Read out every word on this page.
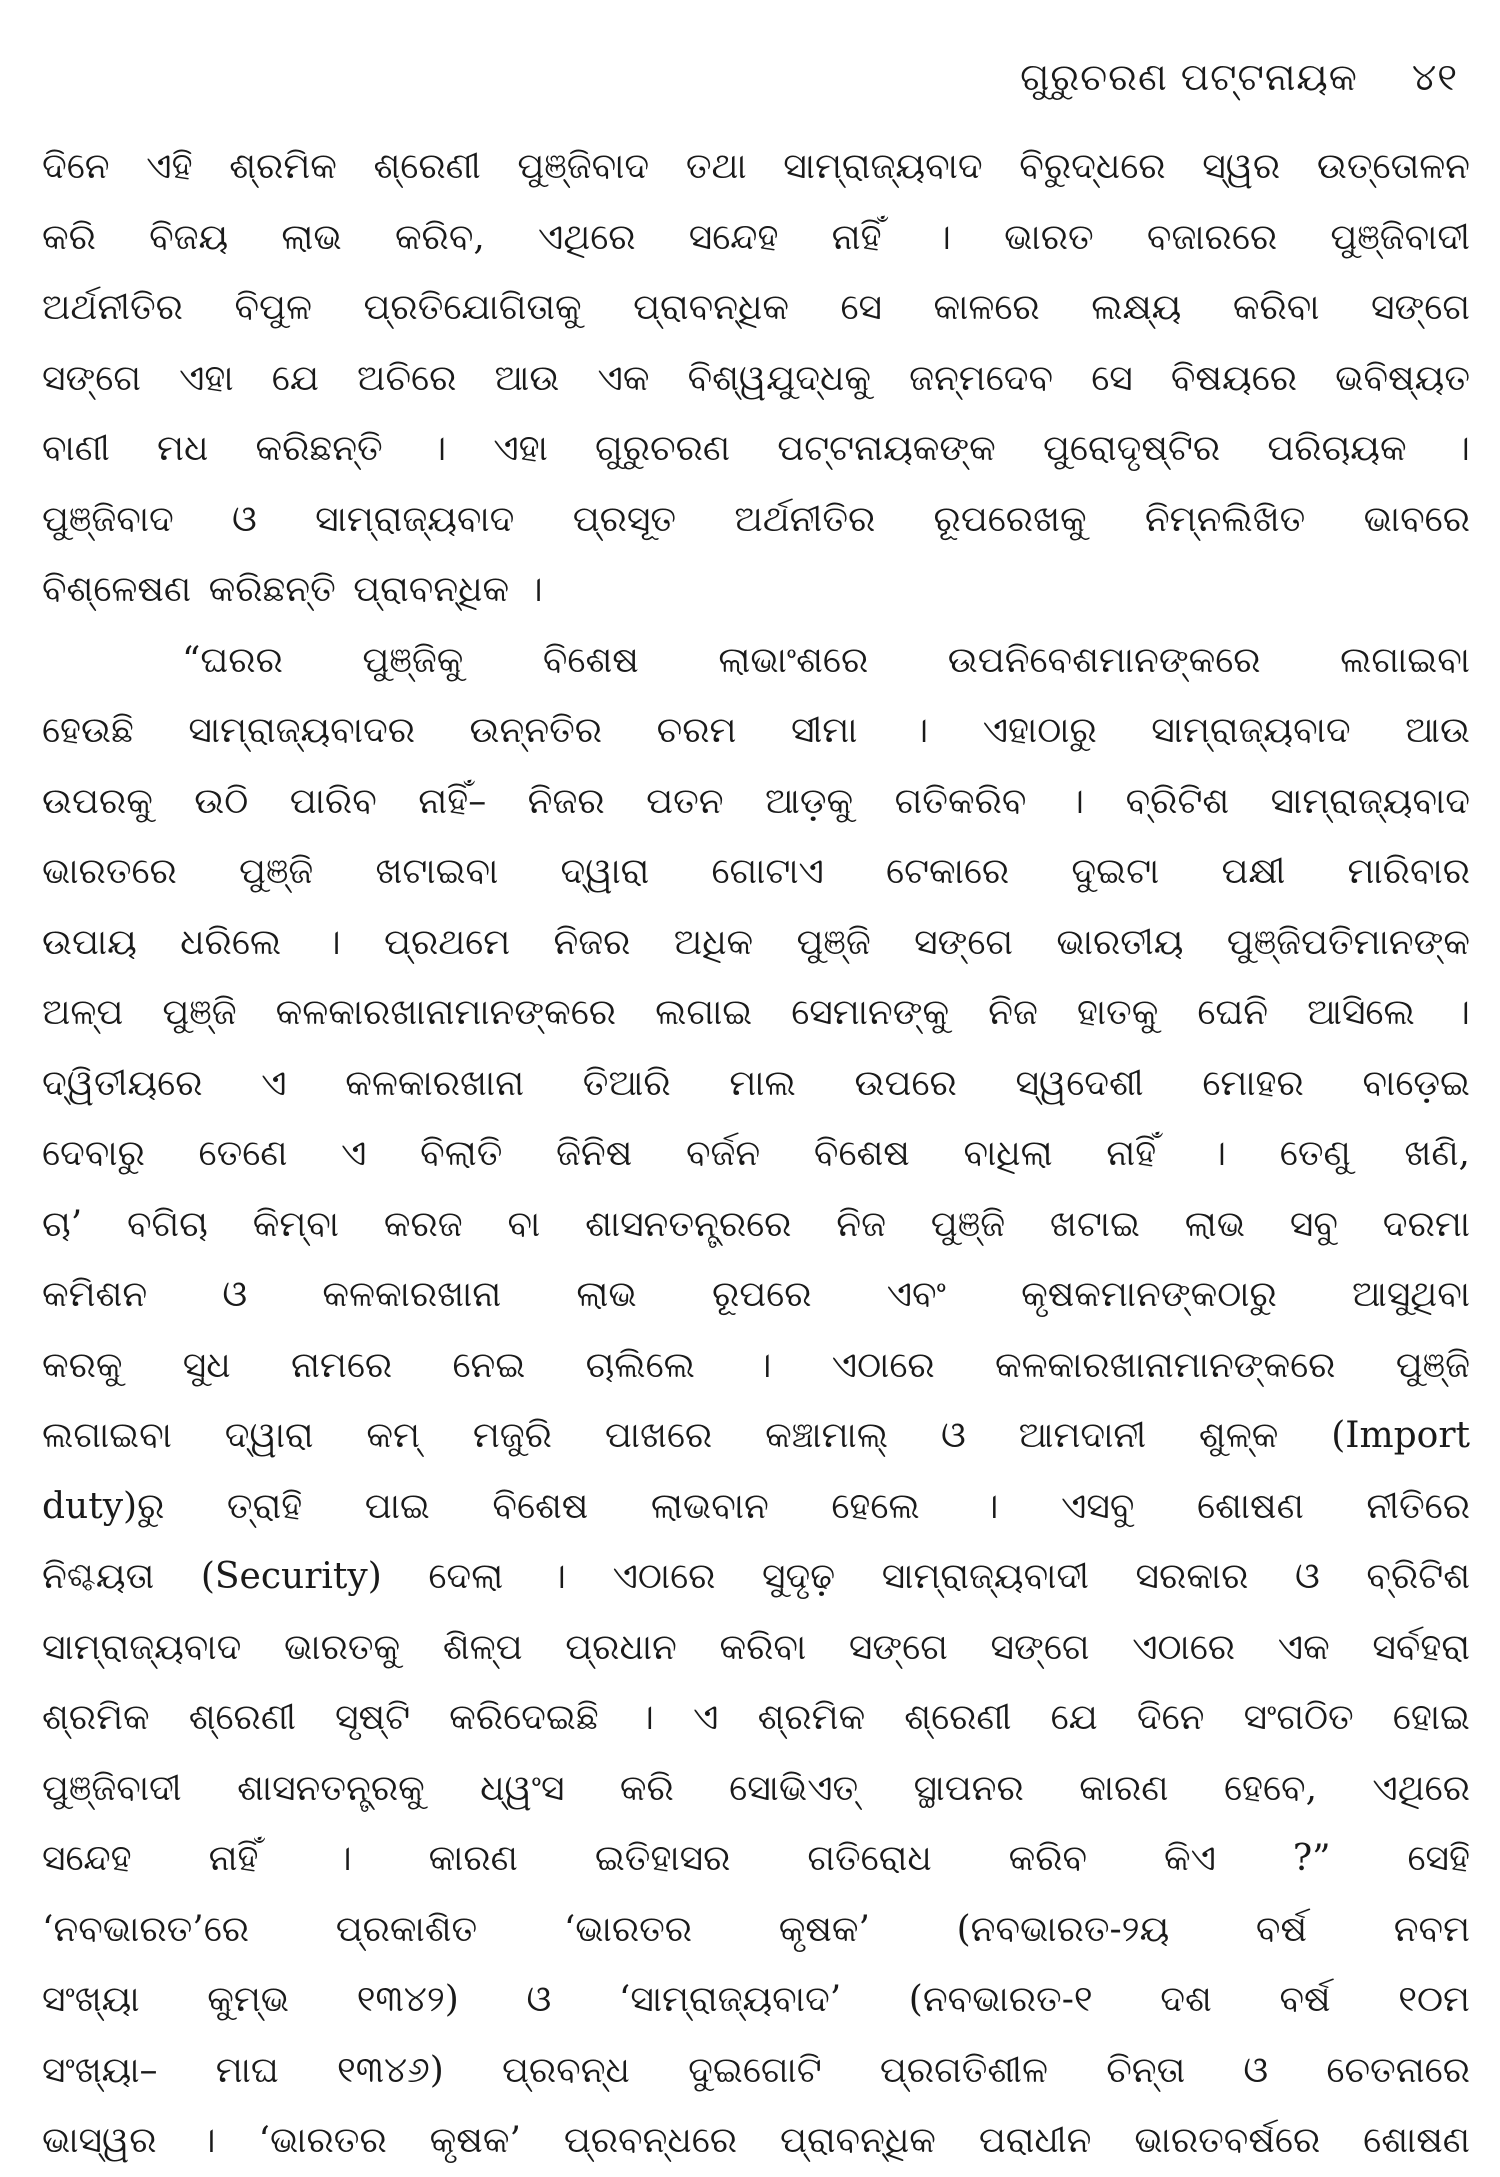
ଗୁରୁଚରଣ ପଟ୍ଟନାୟକ ୪୧

ଦିନେ ଏହି ଶ୍ରମିକ ଶ୍ରେଣୀ ପୁଞ୍ଜିବାଦ ତଥା ସାମ୍ରାଜ୍ୟବାଦ ବିରୁଦ୍ଧରେ ସ୍ୱର ଉତ୍ତୋଳନ

କରି ବିଜୟ ଲାଭ କରିବ, ଏଥିରେ ସନ୍ଦେହ ନାହିଁ । ଭାରତ ବଜାରରେ ପୁଞ୍ଜିବାଦୀ

ଅର୍ଥନୀତିର ବିପୁଳ ପ୍ରତିଯୋଗିତାକୁ ପ୍ରାବନ୍ଧିକ ସେ କାଳରେ ଲକ୍ଷ୍ୟ କରିବା ସଙ୍ଗେ

ସଙ୍ଗେ ଏହା ଯେ ଅଚିରେ ଆଉ ଏକ ବିଶ୍ୱଯୁଦ୍ଧକୁ ଜନ୍ମଦେବ ସେ ବିଷୟରେ ଭବିଷ୍ୟତ

ବାଣୀ ମଧ କରିଛନ୍ତି । ଏହା ଗୁରୁଚରଣ ପଟ୍ଟନାୟକଙ୍କ ପୁରୋଦୃଷ୍ଟିର ପରିଚାୟକ ।

ପୁଞ୍ଜିବାଦ ଓ ସାମ୍ରାଜ୍ୟବାଦ ପ୍ରସୂତ ଅର୍ଥନୀତିର ରୂପରେଖକୁ ନିମ୍ନଲିଖିତ ଭାବରେ

ବିଶ୍ଳେଷଣ କରିଛନ୍ତି ପ୍ରାବନ୍ଧିକ ।

“ଘରର ପୁଞ୍ଜିକୁ ବିଶେଷ ଲାଭାଂଶରେ ଉପନିବେଶମାନଙ୍କରେ ଲଗାଇବା

ହେଉଛି ସାମ୍ରାଜ୍ୟବାଦର ଉନ୍ନତିର ଚରମ ସୀମା । ଏହାଠାରୁ ସାମ୍ରାଜ୍ୟବାଦ ଆଉ

ଉପରକୁ ଉଠି ପାରିବ ନାହିଁ– ନିଜର ପତନ ଆଡ଼କୁ ଗତିକରିବ । ବ୍ରିଟିଶ ସାମ୍ରାଜ୍ୟବାଦ

ଭାରତରେ ପୁଞ୍ଜି ଖଟାଇବା ଦ୍ୱାରା ଗୋଟାଏ ଟେକାରେ ଦୁଇଟା ପକ୍ଷୀ ମାରିବାର

ଉପାୟ ଧରିଲେ । ପ୍ରଥମେ ନିଜର ଅଧିକ ପୁଞ୍ଜି ସଙ୍ଗେ ଭାରତୀୟ ପୁଞ୍ଜିପତିମାନଙ୍କ

ଅଳ୍ପ ପୁଞ୍ଜି କଳକାରଖାନାମାନଙ୍କରେ ଲଗାଇ ସେମାନଙ୍କୁ ନିଜ ହାତକୁ ଘେନି ଆସିଲେ ।

ଦ୍ୱିତୀୟରେ ଏ କଳକାରଖାନା ତିଆରି ମାଲ ଉପରେ ସ୍ୱଦେଶୀ ମୋହର ବାଡ଼େଇ

ଦେବାରୁ ତେଣେ ଏ ବିଲାତି ଜିନିଷ ବର୍ଜନ ବିଶେଷ ବାଧିଲା ନାହିଁ । ତେଣୁ ଖଣି,

ଚା’ ବଗିଚା କିମ୍ବା କରଜ ବା ଶାସନତନ୍ତ୍ରରେ ନିଜ ପୁଞ୍ଜି ଖଟାଇ ଲାଭ ସବୁ ଦରମା

କମିଶନ ଓ କଳକାରଖାନା ଲାଭ ରୂପରେ ଏବଂ କୃଷକମାନଙ୍କଠାରୁ ଆସୁଥିବା

କରକୁ ସୁଧ ନାମରେ ନେଇ ଚାଲିଲେ । ଏଠାରେ କଳକାରଖାନାମାନଙ୍କରେ ପୁଞ୍ଜି

ଲଗାଇବା ଦ୍ୱାରା କମ୍ ମଜୁରି ପାଖରେ କଞ୍ଚାମାଲ୍ ଓ ଆମଦାନୀ ଶୁଳ୍କ (Import

duty)ରୁ ତ୍ରାହି ପାଇ ବିଶେଷ ଲାଭବାନ ହେଲେ । ଏସବୁ ଶୋଷଣ ନୀତିରେ

ନିଶ୍ଚୟତା (Security) ଦେଲା । ଏଠାରେ ସୁଦୃଢ଼ ସାମ୍ରାଜ୍ୟବାଦୀ ସରକାର ଓ ବ୍ରିଟିଶ

ସାମ୍ରାଜ୍ୟବାଦ ଭାରତକୁ ଶିଳ୍ପ ପ୍ରଧାନ କରିବା ସଙ୍ଗେ ସଙ୍ଗେ ଏଠାରେ ଏକ ସର୍ବହରା

ଶ୍ରମିକ ଶ୍ରେଣୀ ସୃଷ୍ଟି କରିଦେଇଛି । ଏ ଶ୍ରମିକ ଶ୍ରେଣୀ ଯେ ଦିନେ ସଂଗଠିତ ହୋଇ

ପୁଞ୍ଜିବାଦୀ ଶାସନତନ୍ତ୍ରକୁ ଧ୍ୱଂସ କରି ସୋଭିଏତ୍ ସ୍ଥାପନର କାରଣ ହେବେ, ଏଥିରେ

ସନ୍ଦେହ ନାହିଁ । କାରଣ ଇତିହାସର ଗତିରୋଧ କରିବ କିଏ ?” ସେହି

‘ନବଭାରତ’ରେ ପ୍ରକାଶିତ ‘ଭାରତର କୃଷକ’ (ନବଭାରତ-୨ୟ ବର୍ଷ ନବମ

ସଂଖ୍ୟା କୁମ୍ଭ ୧୩୪୨) ଓ ‘ସାମ୍ରାଜ୍ୟବାଦ’ (ନବଭାରତ-୧ ଦଶ ବର୍ଷ ୧୦ମ

ସଂଖ୍ୟା– ମାଘ ୧୩୪୬) ପ୍ରବନ୍ଧ ଦୁଇଗୋଟି ପ୍ରଗତିଶୀଳ ଚିନ୍ତା ଓ ଚେତନାରେ

ଭାସ୍ୱର । ‘ଭାରତର କୃଷକ’ ପ୍ରବନ୍ଧରେ ପ୍ରାବନ୍ଧିକ ପରାଧୀନ ଭାରତବର୍ଷରେ ଶୋଷଣ
